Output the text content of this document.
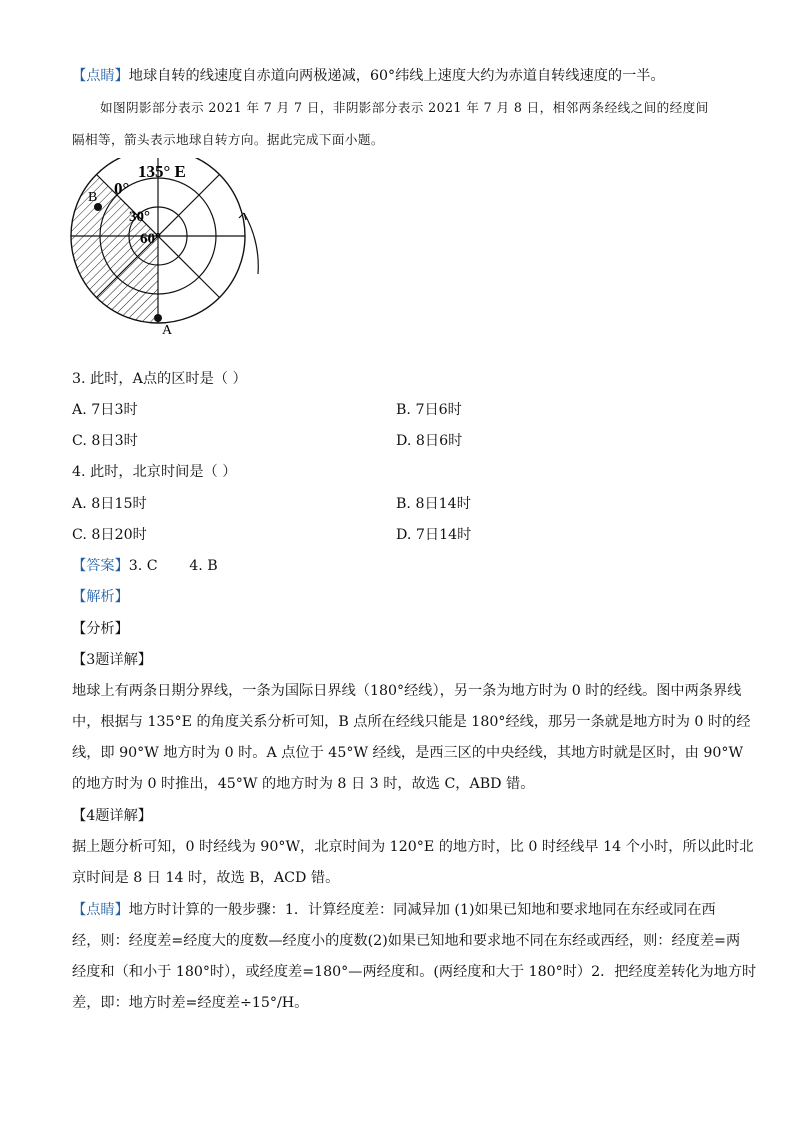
【点睛】地球自转的线速度自赤道向两极递减，60°纬线上速度大约为赤道自转线速度的一半。
如图阴影部分表示 2021 年 7 月 7 日，非阴影部分表示 2021 年 7 月 8 日，相邻两条经线之间的经度间
隔相等，箭头表示地球自转方向。据此完成下面小题。
135° E
0°
30°
60°
B
A
3. 此时，A点的区时是（ ）
A. 7日3时	B. 7日6时
C. 8日3时	D. 8日6时
4. 此时，北京时间是（ ）
A. 8日15时	B. 8日14时
C. 8日20时	D. 7日14时
【答案】3. C       4. B
【解析】
【分析】
【3题详解】
地球上有两条日期分界线，一条为国际日界线（180°经线），另一条为地方时为 0 时的经线。图中两条界线
中，根据与 135°E 的角度关系分析可知，B 点所在经线只能是 180°经线，那另一条就是地方时为 0 时的经
线，即 90°W 地方时为 0 时。A 点位于 45°W 经线，是西三区的中央经线，其地方时就是区时，由 90°W
的地方时为 0 时推出，45°W 的地方时为 8 日 3 时，故选 C，ABD 错。
【4题详解】
据上题分析可知，0 时经线为 90°W，北京时间为 120°E 的地方时，比 0 时经线早 14 个小时，所以此时北
京时间是 8 日 14 时，故选 B，ACD 错。
【点睛】地方时计算的一般步骤：1．计算经度差：同减异加 (1)如果已知地和要求地同在东经或同在西
经，则：经度差=经度大的度数—经度小的度数(2)如果已知地和要求地不同在东经或西经，则：经度差=两
经度和（和小于 180°时），或经度差=180°—两经度和。(两经度和大于 180°时）2．把经度差转化为地方时
差，即：地方时差=经度差÷15°/H。
